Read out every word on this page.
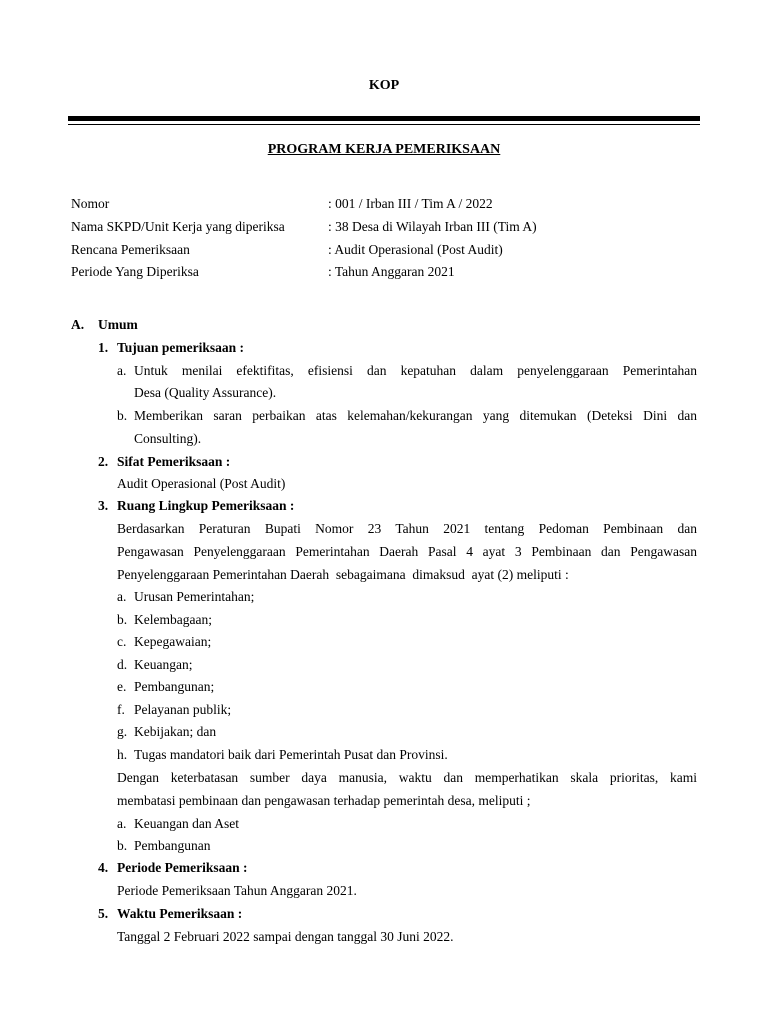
KOP
PROGRAM KERJA PEMERIKSAAN
Nomor	: 001 / Irban III / Tim A / 2022
Nama SKPD/Unit Kerja yang diperiksa	: 38 Desa di Wilayah Irban III (Tim A)
Rencana Pemeriksaan	: Audit Operasional (Post Audit)
Periode Yang Diperiksa	: Tahun Anggaran 2021
A. Umum
1. Tujuan pemeriksaan :
a. Untuk menilai efektifitas, efisiensi dan kepatuhan dalam penyelenggaraan Pemerintahan
Desa (Quality Assurance).
b. Memberikan saran perbaikan atas kelemahan/kekurangan yang ditemukan (Deteksi Dini dan
Consulting).
2. Sifat Pemeriksaan :
Audit Operasional (Post Audit)
3. Ruang Lingkup Pemeriksaan :
Berdasarkan Peraturan Bupati Nomor 23 Tahun 2021 tentang Pedoman Pembinaan dan
Pengawasan Penyelenggaraan Pemerintahan Daerah Pasal 4 ayat 3 Pembinaan dan Pengawasan
Penyelenggaraan Pemerintahan Daerah  sebagaimana  dimaksud  ayat (2) meliputi :
a. Urusan Pemerintahan;
b. Kelembagaan;
c. Kepegawaian;
d. Keuangan;
e. Pembangunan;
f. Pelayanan publik;
g. Kebijakan; dan
h. Tugas mandatori baik dari Pemerintah Pusat dan Provinsi.
Dengan keterbatasan sumber daya manusia, waktu dan memperhatikan skala prioritas, kami
membatasi pembinaan dan pengawasan terhadap pemerintah desa, meliputi ;
a. Keuangan dan Aset
b. Pembangunan
4. Periode Pemeriksaan :
Periode Pemeriksaan Tahun Anggaran 2021.
5. Waktu Pemeriksaan :
Tanggal 2 Februari 2022 sampai dengan tanggal 30 Juni 2022.
